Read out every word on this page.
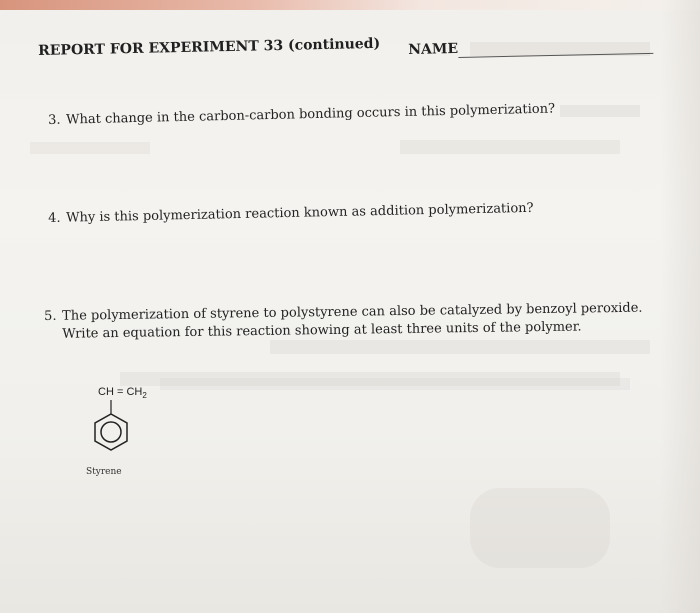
REPORT FOR EXPERIMENT 33 (continued) NAME
3. What change in the carbon-carbon bonding occurs in this polymerization?
4. Why is this polymerization reaction known as addition polymerization?
5. The polymerization of styrene to polystyrene can also be catalyzed by benzoyl peroxide.
Write an equation for this reaction showing at least three units of the polymer.
CH = $CH_2$
Styrene
